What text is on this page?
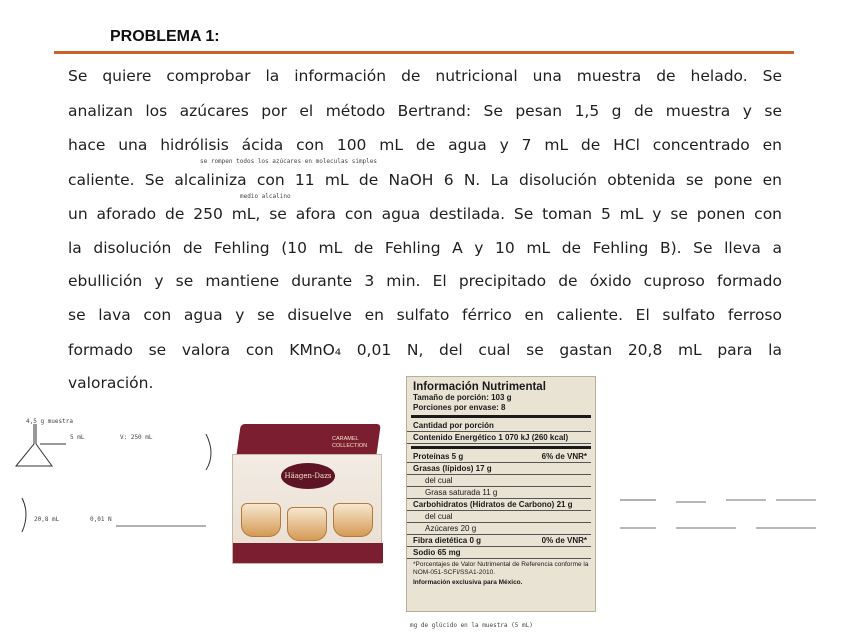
PROBLEMA 1:
Se quiere comprobar la información de nutricional una muestra de helado. Se
analizan los azúcares por el método Bertrand: Se pesan 1,5 g de muestra y se
hace una hidrólisis ácida con 100 mL de agua y 7 mL de HCl concentrado en
caliente. Se alcaliniza con 11 mL de NaOH 6 N. La disolución obtenida se pone en
un aforado de 250 mL, se afora con agua destilada. Se toman 5 mL y se ponen con
la disolución de Fehling (10 mL de Fehling A y 10 mL de Fehling B). Se lleva a
ebullición y se mantiene durante 3 min. El precipitado de óxido cuproso formado
se lava con agua y se disuelve en sulfato férrico en caliente. El sulfato ferroso
formado se valora con KMnO₄ 0,01 N, del cual se gastan 20,8 mL para la
valoración.
se rompen todos los azúcares en moleculas simples
medio alcalino
4,5 g muestra
5 mL	V: 250 mL
20,8 mL	0,01 N
mg de glúcido en la muestra (5 mL)
Häagen-Dazs
CARAMEL COLLECTION
Información Nutrimental
Tamaño de porción: 103 g
Porciones por envase: 8
Cantidad por porción
Contenido Energético 1 070 kJ (260 kcal)
Proteínas 5 g	6% de VNR*
Grasas (lípidos) 17 g
del cual
Grasa saturada 11 g
Carbohidratos (Hidratos de Carbono) 21 g
del cual
Azúcares 20 g
Fibra dietética 0 g	0% de VNR*
Sodio 65 mg
*Porcentajes de Valor Nutrimental de Referencia conforme la NOM-051-SCFI/SSA1-2010.
Información exclusiva para México.
